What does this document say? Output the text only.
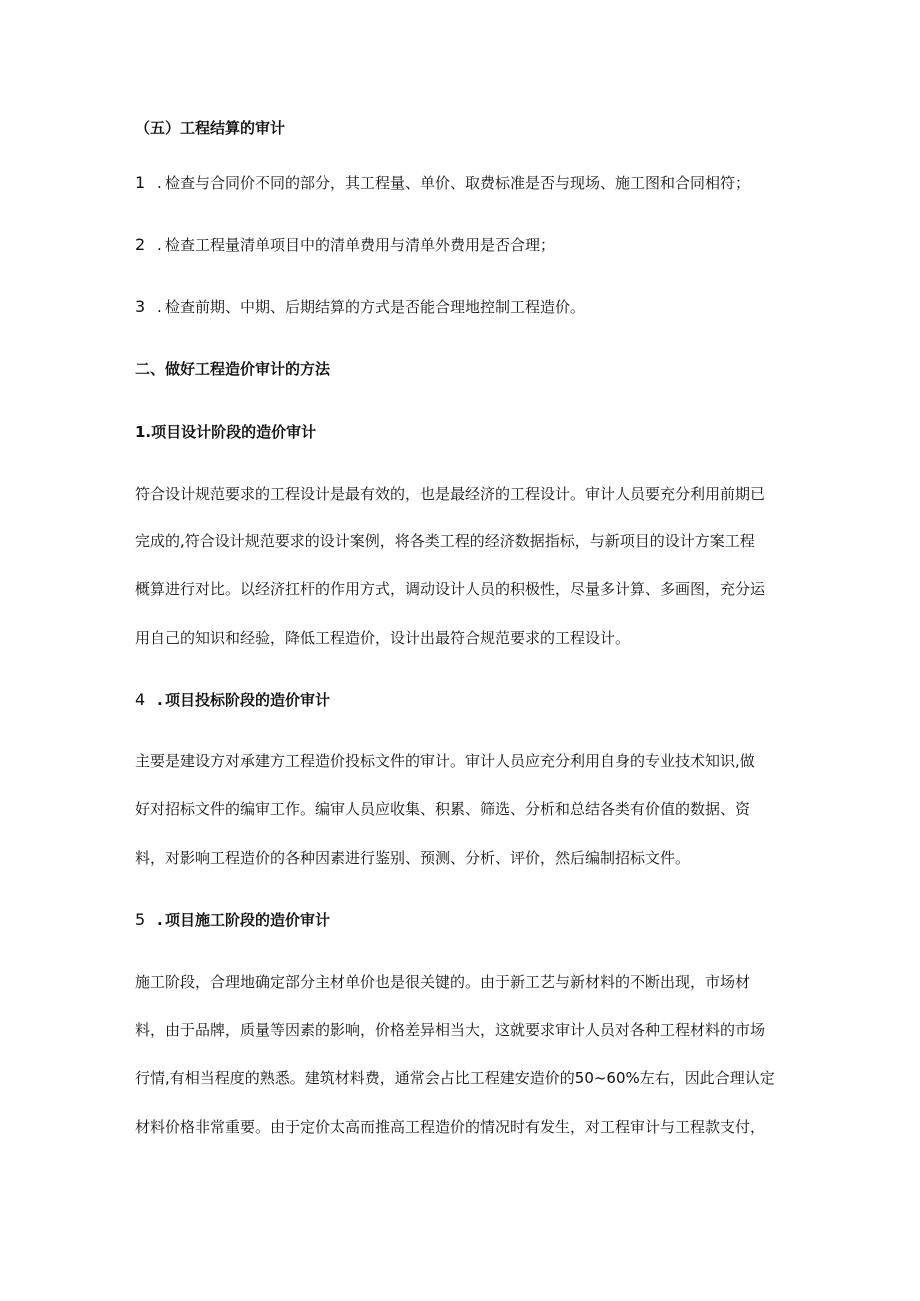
（五）工程结算的审计
1 . 检查与合同价不同的部分，其工程量、单价、取费标准是否与现场、施工图和合同相符；
2 . 检查工程量清单项目中的清单费用与清单外费用是否合理；
3 . 检查前期、中期、后期结算的方式是否能合理地控制工程造价。
二、做好工程造价审计的方法
1.项目设计阶段的造价审计
符合设计规范要求的工程设计是最有效的，也是最经济的工程设计。审计人员要充分利用前期已
完成的,符合设计规范要求的设计案例，将各类工程的经济数据指标，与新项目的设计方案工程
概算进行对比。以经济扛杆的作用方式，调动设计人员的积极性，尽量多计算、多画图，充分运
用自己的知识和经验，降低工程造价，设计出最符合规范要求的工程设计。
4 . 项目投标阶段的造价审计
主要是建设方对承建方工程造价投标文件的审计。审计人员应充分利用自身的专业技术知识,做
好对招标文件的编审工作。编审人员应收集、积累、筛选、分析和总结各类有价值的数据、资
料，对影响工程造价的各种因素进行鉴别、预测、分析、评价，然后编制招标文件。
5 . 项目施工阶段的造价审计
施工阶段，合理地确定部分主材单价也是很关键的。由于新工艺与新材料的不断出现，市场材
料，由于品牌，质量等因素的影响，价格差异相当大，这就要求审计人员对各种工程材料的市场
行情,有相当程度的熟悉。建筑材料费，通常会占比工程建安造价的50~60%左右，因此合理认定
材料价格非常重要。由于定价太高而推高工程造价的情况时有发生，对工程审计与工程款支付，
